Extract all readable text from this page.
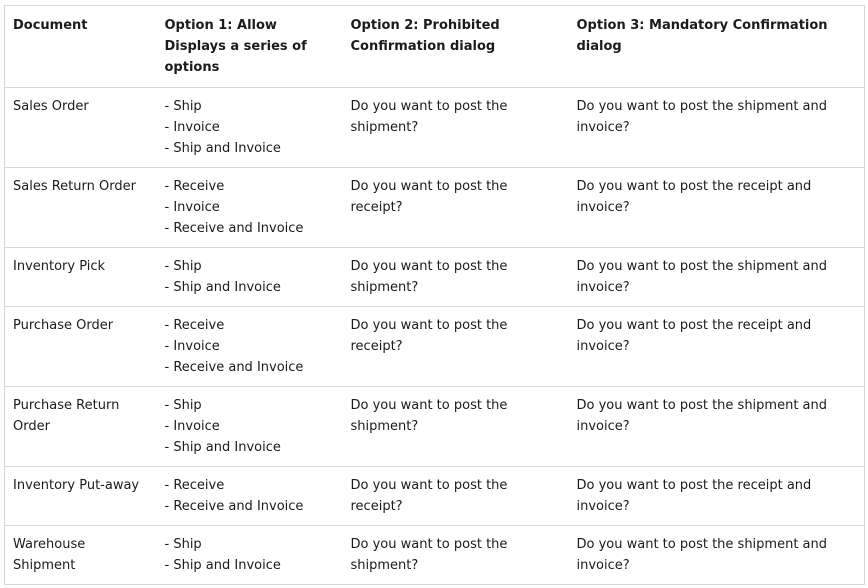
Document	Option 1: Allow Displays a series of options	Option 2: Prohibited Confirmation dialog	Option 3: Mandatory Confirmation dialog
Sales Order	- Ship
- Invoice
- Ship and Invoice	Do you want to post the shipment?	Do you want to post the shipment and invoice?
Sales Return Order	- Receive
- Invoice
- Receive and Invoice	Do you want to post the receipt?	Do you want to post the receipt and invoice?
Inventory Pick	- Ship
- Ship and Invoice	Do you want to post the shipment?	Do you want to post the shipment and invoice?
Purchase Order	- Receive
- Invoice
- Receive and Invoice	Do you want to post the receipt?	Do you want to post the receipt and invoice?
Purchase Return Order	- Ship
- Invoice
- Ship and Invoice	Do you want to post the shipment?	Do you want to post the shipment and invoice?
Inventory Put-away	- Receive
- Receive and Invoice	Do you want to post the receipt?	Do you want to post the receipt and invoice?
Warehouse Shipment	- Ship
- Ship and Invoice	Do you want to post the shipment?	Do you want to post the shipment and invoice?
